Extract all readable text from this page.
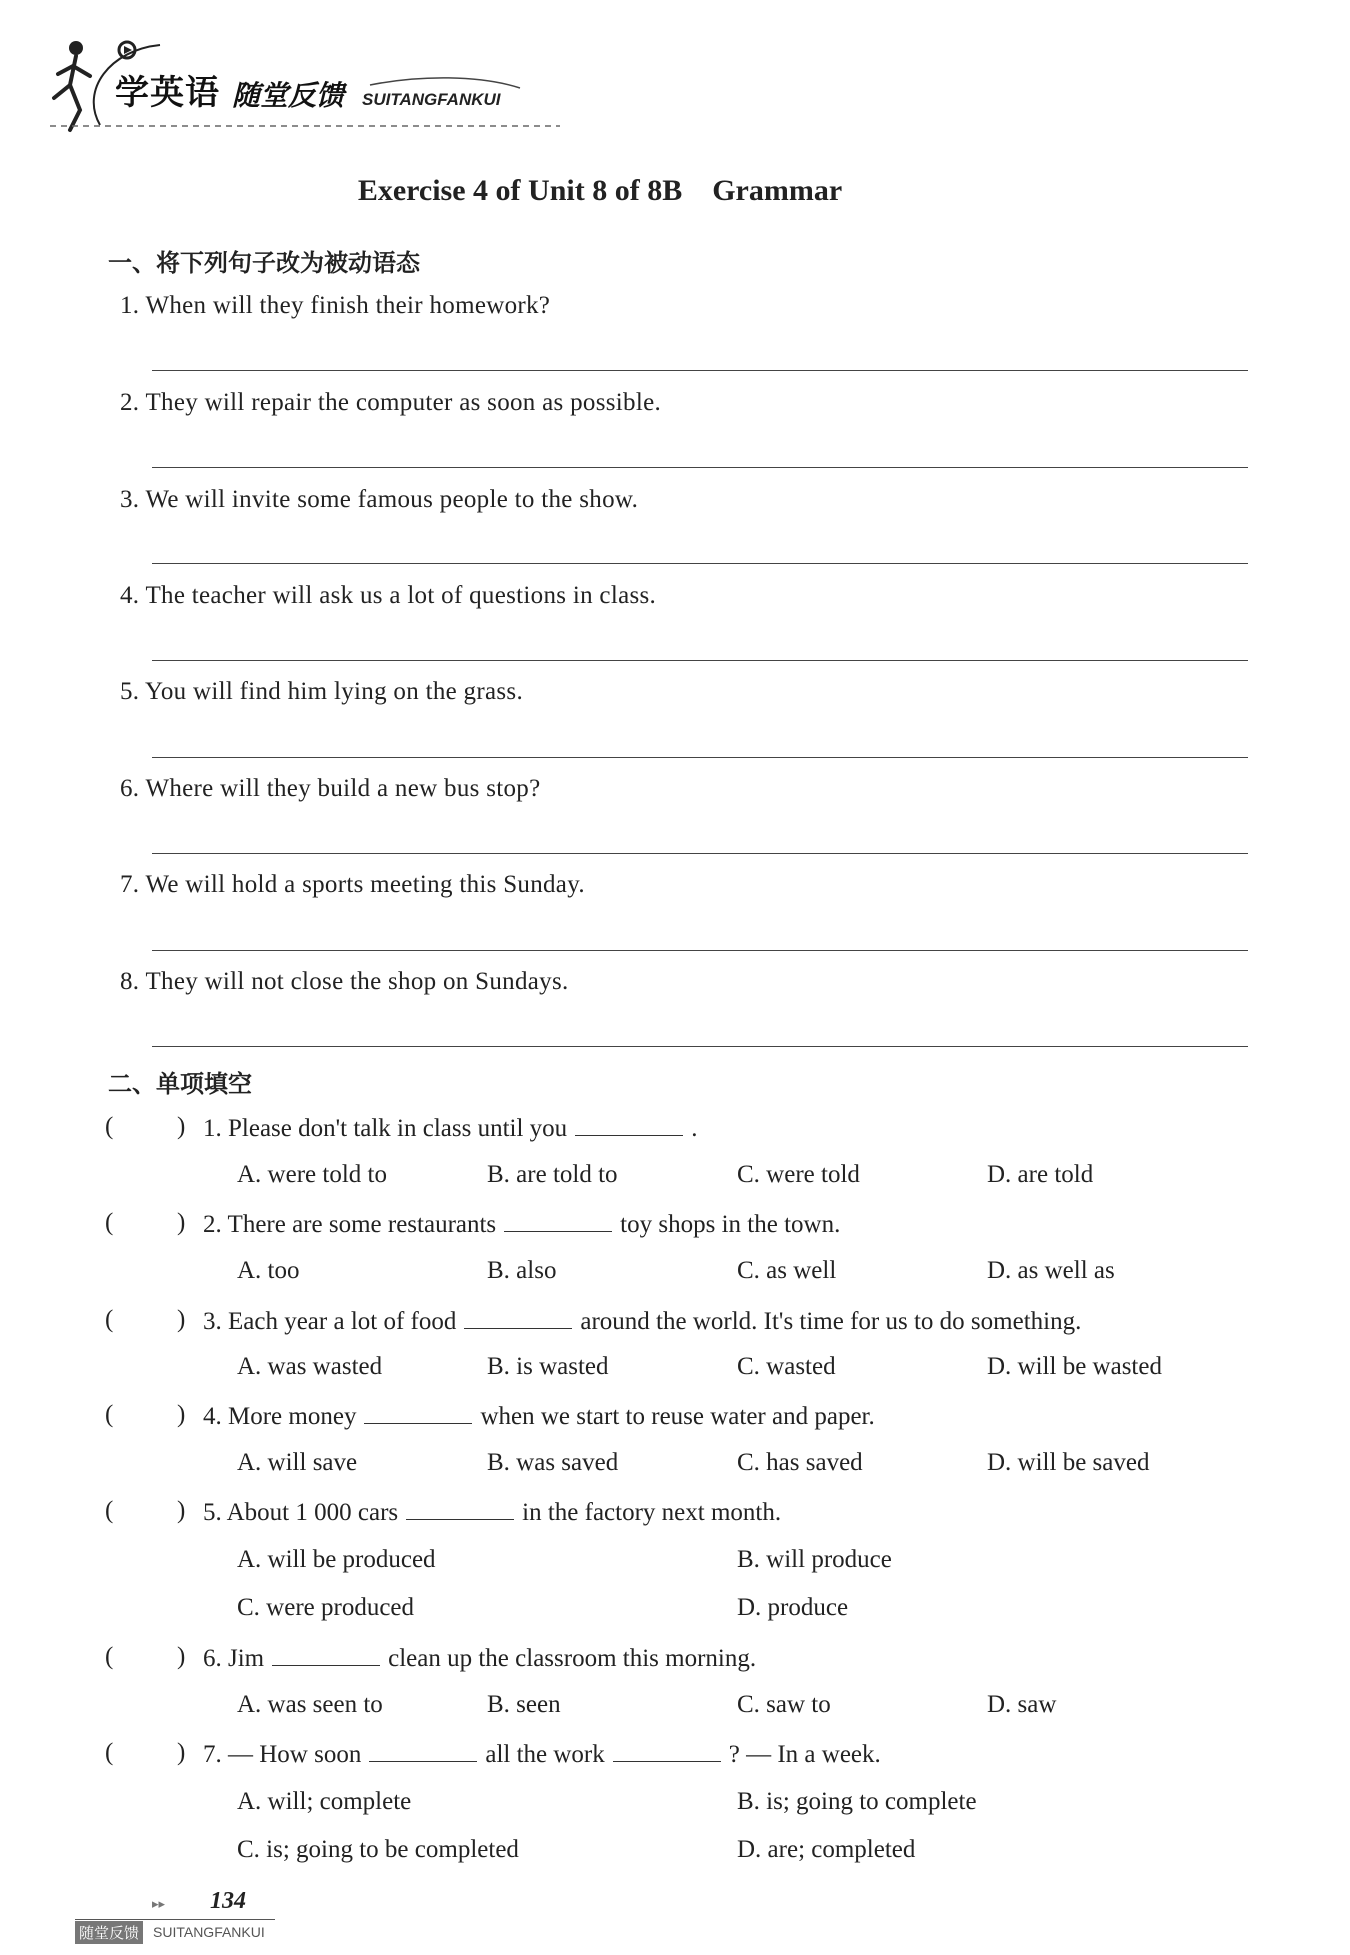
学英语 随堂反馈 SUITANGFANKUI
Exercise 4 of Unit 8 of 8B　Grammar
一、将下列句子改为被动语态
1. When will they finish their homework?
2. They will repair the computer as soon as possible.
3. We will invite some famous people to the show.
4. The teacher will ask us a lot of questions in class.
5. You will find him lying on the grass.
6. Where will they build a new bus stop?
7. We will hold a sports meeting this Sunday.
8. They will not close the shop on Sundays.
二、单项填空
(	) 1. Please don't talk in class until you	.
A. were told to	B. are told to	C. were told	D. are told
(	) 2. There are some restaurants	toy shops in the town.
A. too	B. also	C. as well	D. as well as
(	) 3. Each year a lot of food	around the world. It's time for us to do something.
A. was wasted	B. is wasted	C. wasted	D. will be wasted
(	) 4. More money	when we start to reuse water and paper.
A. will save	B. was saved	C. has saved	D. will be saved
(	) 5. About 1 000 cars	in the factory next month.
A. will be produced	B. will produce
C. were produced	D. produce
(	) 6. Jim	clean up the classroom this morning.
A. was seen to	B. seen	C. saw to	D. saw
(	) 7. — How soon	all the work	? — In a week.
A. will; complete	B. is; going to complete
C. is; going to be completed	D. are; completed
▸▸ 134
随堂反馈 SUITANGFANKUI
